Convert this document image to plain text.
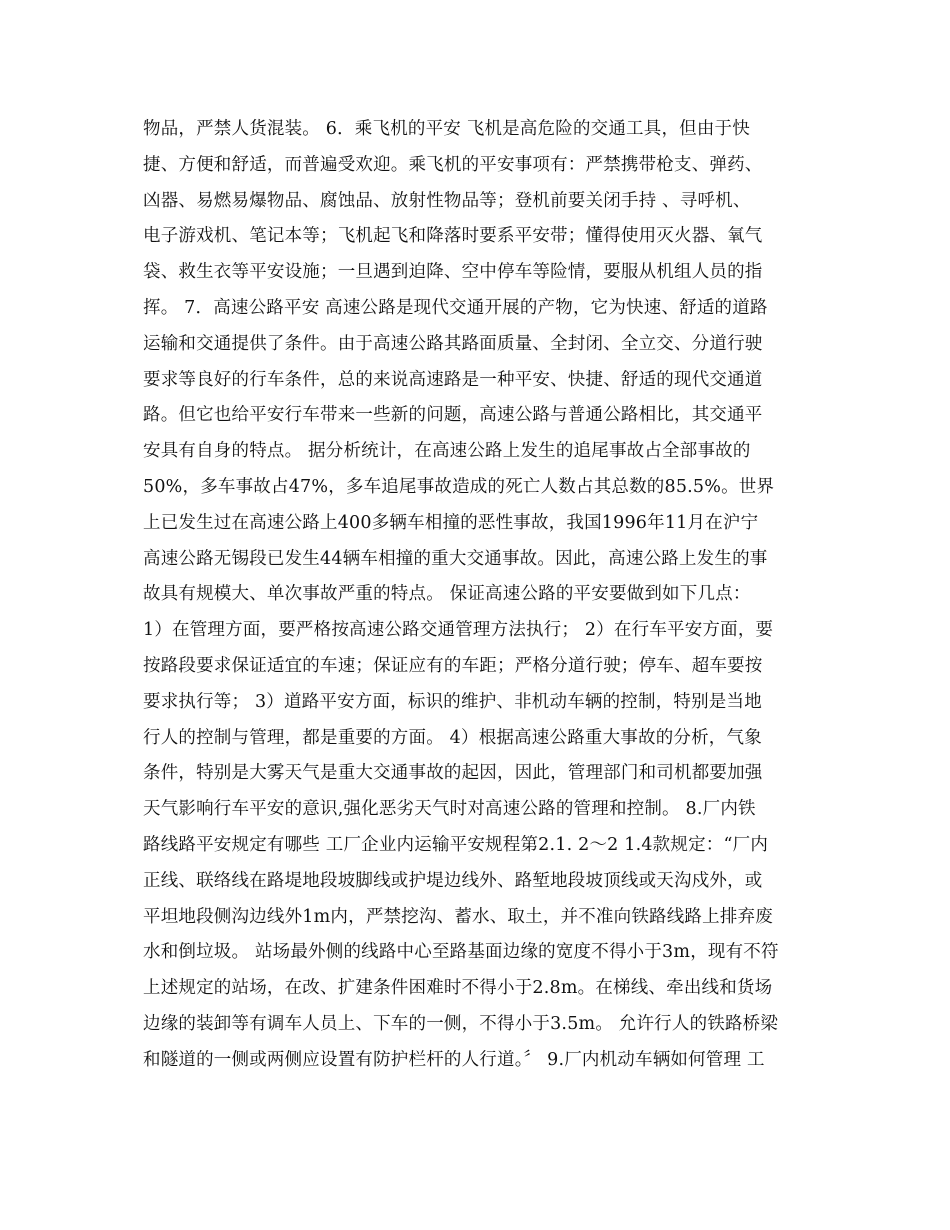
物品，严禁人货混装。 6．乘飞机的平安 飞机是高危险的交通工具，但由于快
捷、方便和舒适，而普遍受欢迎。乘飞机的平安事项有：严禁携带枪支、弹药、
凶器、易燃易爆物品、腐蚀品、放射性物品等；登机前要关闭手持 、寻呼机、
电子游戏机、笔记本等；飞机起飞和降落时要系平安带；懂得使用灭火器、氧气
袋、救生衣等平安设施；一旦遇到迫降、空中停车等险情，要服从机组人员的指
挥。 7．高速公路平安 高速公路是现代交通开展的产物，它为快速、舒适的道路
运输和交通提供了条件。由于高速公路其路面质量、全封闭、全立交、分道行驶
要求等良好的行车条件，总的来说高速路是一种平安、快捷、舒适的现代交通道
路。但它也给平安行车带来一些新的问题，高速公路与普通公路相比，其交通平
安具有自身的特点。 据分析统计，在高速公路上发生的追尾事故占全部事故的
50%，多车事故占47%，多车追尾事故造成的死亡人数占其总数的85.5%。世界
上已发生过在高速公路上400多辆车相撞的恶性事故，我国1996年11月在沪宁
高速公路无锡段已发生44辆车相撞的重大交通事故。因此，高速公路上发生的事
故具有规模大、单次事故严重的特点。 保证高速公路的平安要做到如下几点：
1）在管理方面，要严格按高速公路交通管理方法执行； 2）在行车平安方面，要
按路段要求保证适宜的车速；保证应有的车距；严格分道行驶；停车、超车要按
要求执行等； 3）道路平安方面，标识的维护、非机动车辆的控制，特别是当地
行人的控制与管理，都是重要的方面。 4）根据高速公路重大事故的分析，气象
条件，特别是大雾天气是重大交通事故的起因，因此，管理部门和司机都要加强
天气影响行车平安的意识,强化恶劣天气时对高速公路的管理和控制。 8.厂内铁
路线路平安规定有哪些 工厂企业内运输平安规程第2.1. 2～2 1.4款规定：“厂内
正线、联络线在路堤地段坡脚线或护堤边线外、路堑地段坡顶线或天沟戍外，或
平坦地段侧沟边线外1m内，严禁挖沟、蓄水、取土，并不准向铁路线路上排弃废
水和倒垃圾。 站场最外侧的线路中心至路基面边缘的宽度不得小于3m，现有不符
上述规定的站场，在改、扩建条件困难时不得小于2.8m。在梯线、牵出线和货场
边缘的装卸等有调车人员上、下车的一侧，不得小于3.5m。 允许行人的铁路桥梁
和隧道的一侧或两侧应设置有防护栏杆的人行道。〞 9.厂内机动车辆如何管理 工
